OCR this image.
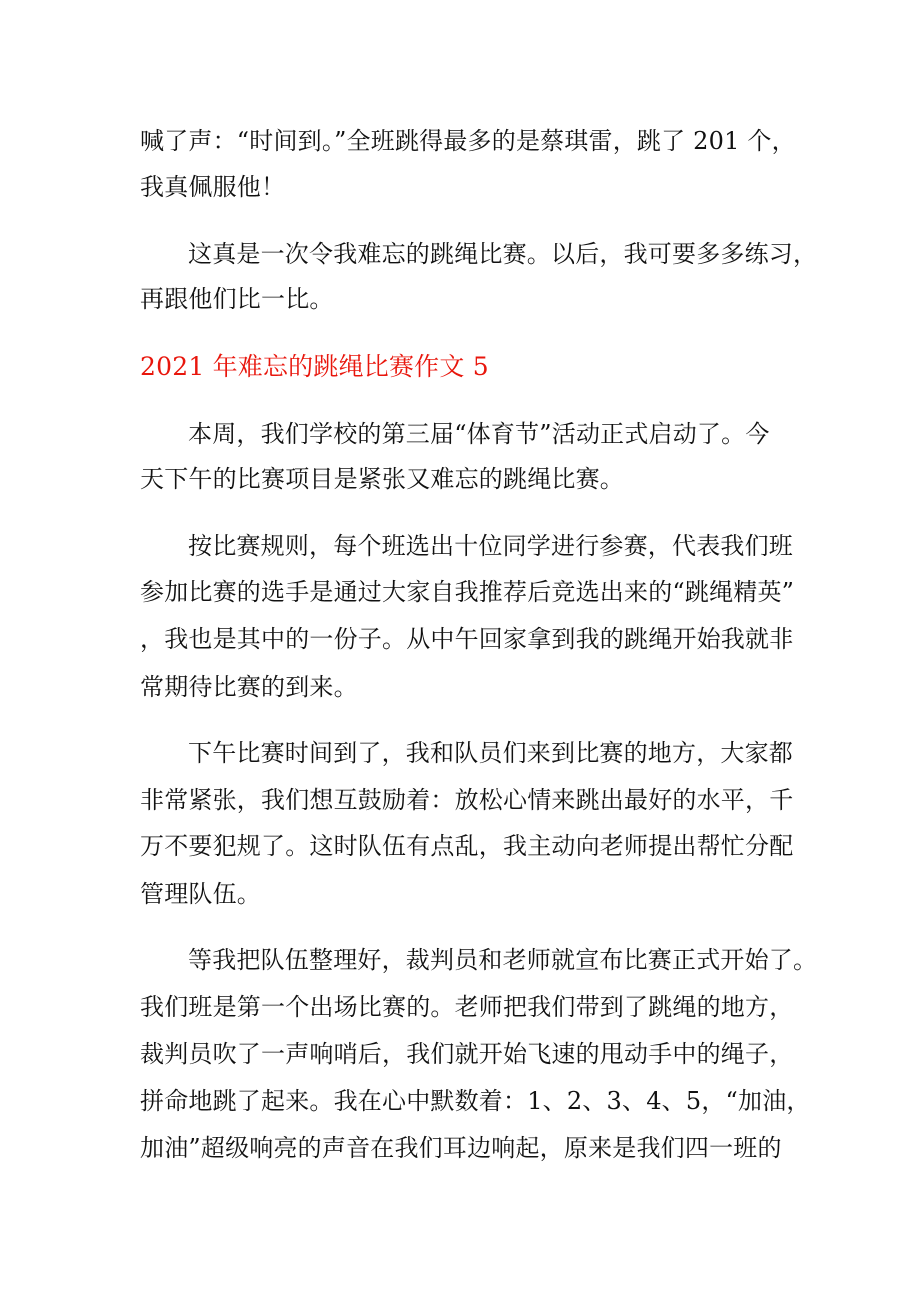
喊了声：“时间到。”全班跳得最多的是蔡琪雷，跳了 201 个，
我真佩服他！
这真是一次令我难忘的跳绳比赛。以后，我可要多多练习，
再跟他们比一比。
2021 年难忘的跳绳比赛作文 5
本周，我们学校的第三届“体育节”活动正式启动了。今
天下午的比赛项目是紧张又难忘的跳绳比赛。
按比赛规则，每个班选出十位同学进行参赛，代表我们班
参加比赛的选手是通过大家自我推荐后竞选出来的“跳绳精英”
，我也是其中的一份子。从中午回家拿到我的跳绳开始我就非
常期待比赛的到来。
下午比赛时间到了，我和队员们来到比赛的地方，大家都
非常紧张，我们想互鼓励着：放松心情来跳出最好的水平，千
万不要犯规了。这时队伍有点乱，我主动向老师提出帮忙分配
管理队伍。
等我把队伍整理好，裁判员和老师就宣布比赛正式开始了。
我们班是第一个出场比赛的。老师把我们带到了跳绳的地方，
裁判员吹了一声响哨后，我们就开始飞速的甩动手中的绳子，
拼命地跳了起来。我在心中默数着：1、2、3、4、5，“加油，
加油”超级响亮的声音在我们耳边响起，原来是我们四一班的
